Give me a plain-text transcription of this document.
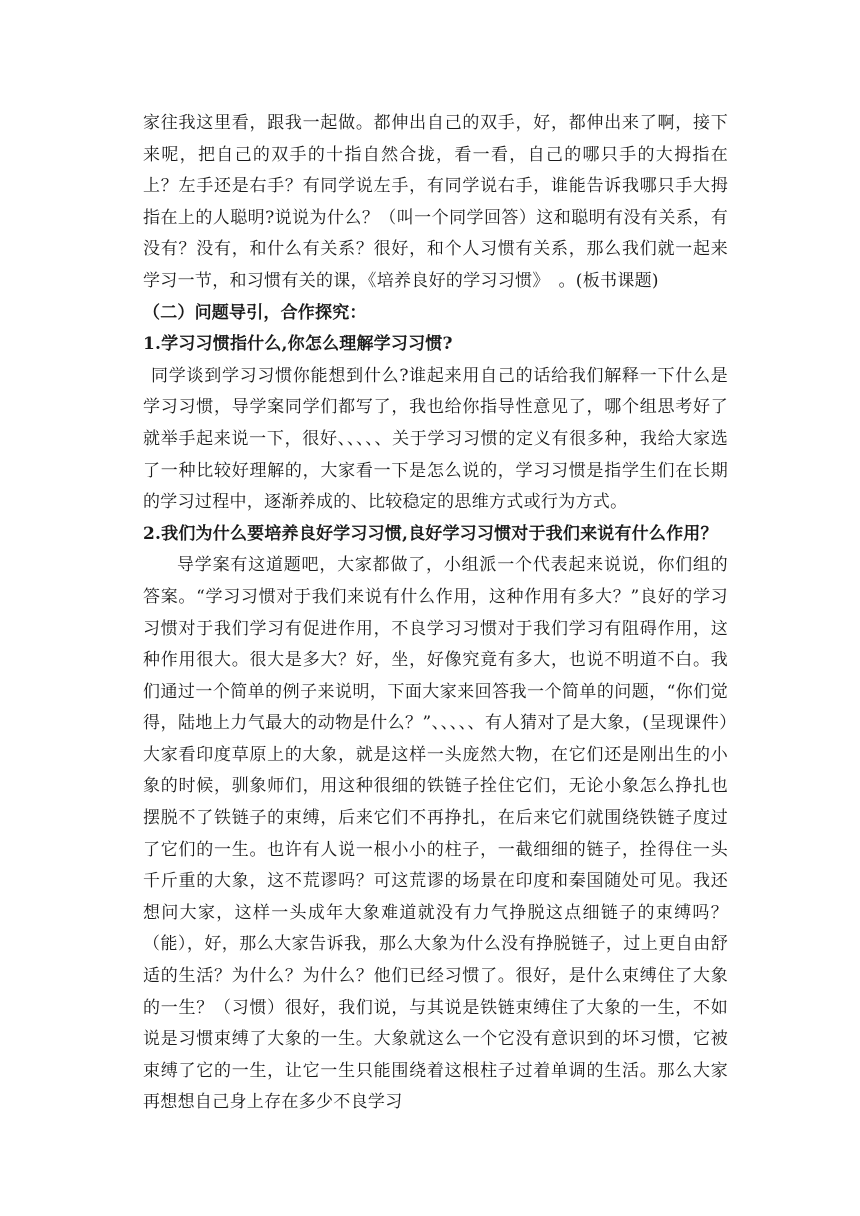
家往我这里看，跟我一起做。都伸出自己的双手，好，都伸出来了啊，接下来呢，把自己的双手的十指自然合拢，看一看，自己的哪只手的大拇指在上？左手还是右手？有同学说左手，有同学说右手，谁能告诉我哪只手大拇指在上的人聪明?说说为什么？（叫一个同学回答）这和聪明有没有关系，有没有？没有，和什么有关系？很好，和个人习惯有关系，那么我们就一起来学习一节，和习惯有关的课，《培养良好的学习习惯》　。(板书课题)

（二）问题导引，合作探究：
1.学习习惯指什么,你怎么理解学习习惯?

同学谈到学习习惯你能想到什么?谁起来用自己的话给我们解释一下什么是学习习惯，导学案同学们都写了，我也给你指导性意见了，哪个组思考好了就举手起来说一下，很好、、、、、关于学习习惯的定义有很多种，我给大家选了一种比较好理解的，大家看一下是怎么说的，学习习惯是指学生们在长期的学习过程中，逐渐养成的、比较稳定的思维方式或行为方式。

2.我们为什么要培养良好学习习惯,良好学习习惯对于我们来说有什么作用？

导学案有这道题吧，大家都做了，小组派一个代表起来说说，你们组的答案。“学习习惯对于我们来说有什么作用，这种作用有多大？”良好的学习习惯对于我们学习有促进作用，不良学习习惯对于我们学习有阻碍作用，这种作用很大。很大是多大？好，坐，好像究竟有多大，也说不明道不白。我们通过一个简单的例子来说明，下面大家来回答我一个简单的问题，“你们觉得，陆地上力气最大的动物是什么？”、、、、、有人猜对了是大象，(呈现课件）大家看印度草原上的大象，就是这样一头庞然大物，在它们还是刚出生的小象的时候，驯象师们，用这种很细的铁链子拴住它们，无论小象怎么挣扎也摆脱不了铁链子的束缚，后来它们不再挣扎，在后来它们就围绕铁链子度过了它们的一生。也许有人说一根小小的柱子，一截细细的链子，拴得住一头千斤重的大象，这不荒谬吗？可这荒谬的场景在印度和秦国随处可见。我还想问大家，这样一头成年大象难道就没有力气挣脱这点细链子的束缚吗？（能），好，那么大家告诉我，那么大象为什么没有挣脱链子，过上更自由舒适的生活？为什么？为什么？他们已经习惯了。很好，是什么束缚住了大象的一生？（习惯）很好，我们说，与其说是铁链束缚住了大象的一生，不如说是习惯束缚了大象的一生。大象就这么一个它没有意识到的坏习惯，它被束缚了它的一生，让它一生只能围绕着这根柱子过着单调的生活。那么大家再想想自己身上存在多少不良学习
